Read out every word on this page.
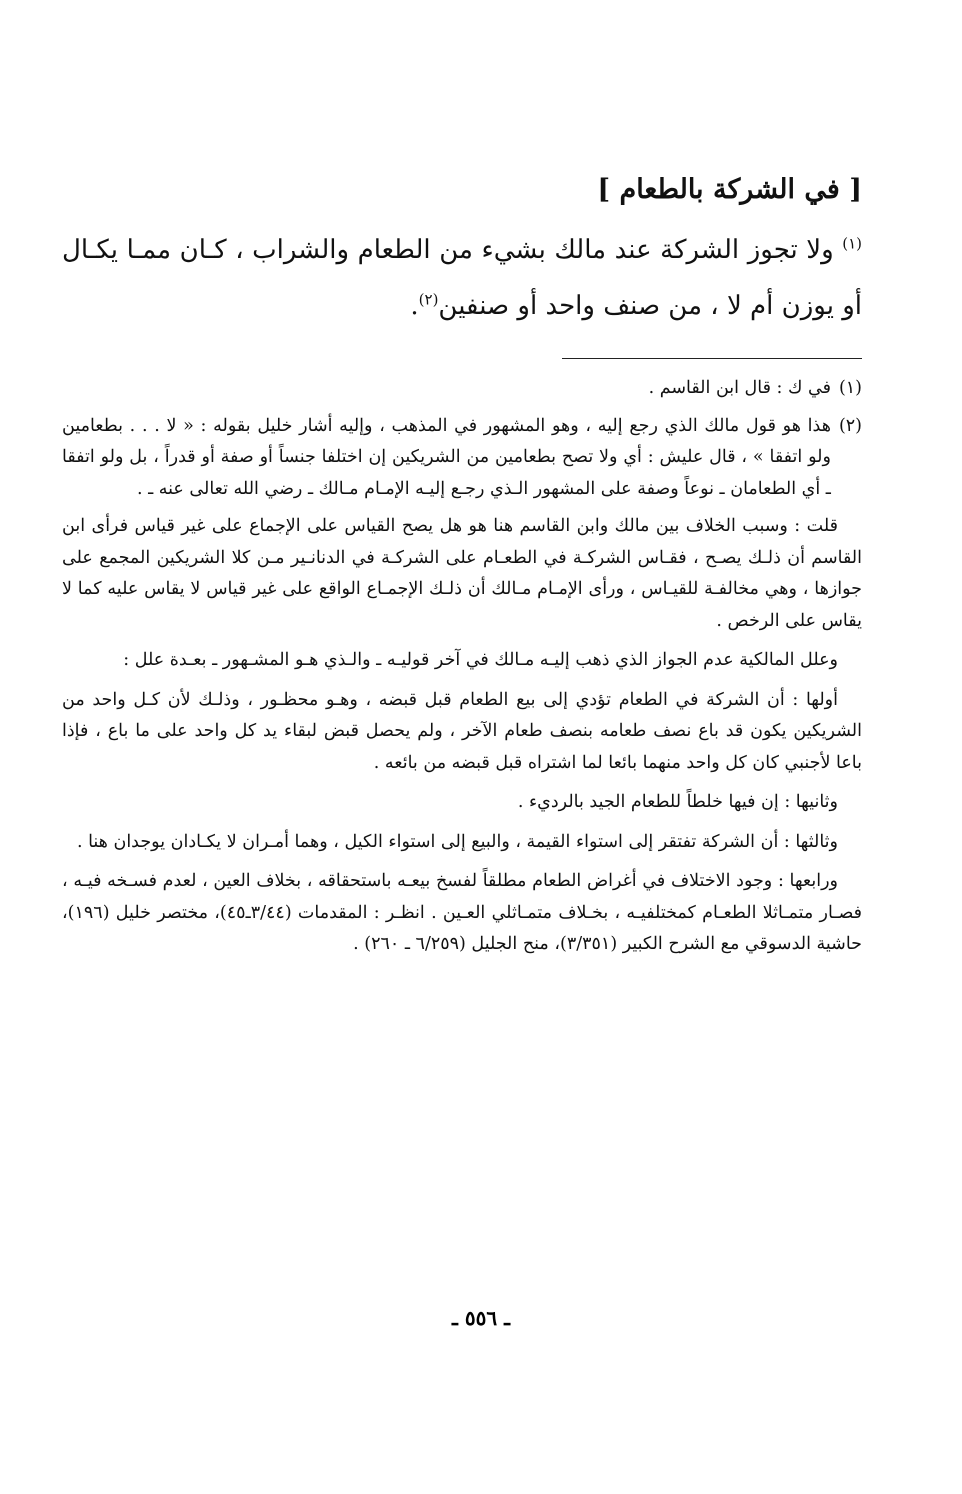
[ في الشركة بالطعام ]

$^{(١)}$ ولا تجوز الشركة عند مالك بشيء من الطعام والشراب ، كـان ممـا يكـال أو يوزن أم لا ، من صنف واحد أو صنفين$^{(٢)}$.

(١)
في ك : قال ابن القاسم .
(٢)
هذا هو قول مالك الذي رجع إليه ، وهو المشهور في المذهب ، وإليه أشار خليل بقوله : « لا . . . بطعامين ولو اتفقا » ، قال عليش : أي ولا تصح بطعامين من الشريكين إن اختلفا جنساً أو صفة أو قدراً ، بل ولو اتفقا ـ أي الطعامان ـ نوعاً وصفة على المشهور الـذي رجـع إليـه الإمـام مـالك ـ رضي الله تعالى عنه ـ .

قلت : وسبب الخلاف بين مالك وابن القاسم هنا هو هل يصح القياس على الإجماع على غير قياس فرأى ابن القاسم أن ذلـك يصـح ، فقـاس الشركـة في الطعـام على الشركـة في الدنانـير مـن كلا الشريكين المجمع على جوازها ، وهي مخالفـة للقيـاس ، ورأى الإمـام مـالك أن ذلـك الإجمـاع الواقع على غير قياس لا يقاس عليه كما لا يقاس على الرخص .

وعلل المالكية عدم الجواز الذي ذهب إليـه مـالك في آخر قوليـه ـ والـذي هـو المشـهور ـ بعـدة علل :

أولها : أن الشركة في الطعام تؤدي إلى بيع الطعام قبل قبضه ، وهـو محظـور ، وذلـك لأن كـل واحد من الشريكين يكون قد باع نصف طعامه بنصف طعام الآخر ، ولم يحصل قبض لبقاء يد كل واحد على ما باع ، فإذا باعا لأجنبي كان كل واحد منهما بائعا لما اشتراه قبل قبضه من بائعه .

وثانيها : إن فيها خلطاً للطعام الجيد بالرديء .

وثالثها : أن الشركة تفتقر إلى استواء القيمة ، والبيع إلى استواء الكيل ، وهما أمـران لا يكـادان يوجدان هنا .

ورابعها : وجود الاختلاف في أغراض الطعام مطلقاً لفسخ بيعـه باستحقاقه ، بخلاف العين ، لعدم فسـخه فيـه ، فصـار متمـاثلا الطعـام كمختلفيـه ، بخـلاف متمـاثلي العـين . انظـر : المقدمات (٣/٤٤ـ٤٥)، مختصر خليل (١٩٦)، حاشية الدسوقي مع الشرح الكبير (٣/٣٥١)، منح الجليل (٦/٢٥٩ ـ ٢٦٠) .

ـ ٥٥٦ ـ
